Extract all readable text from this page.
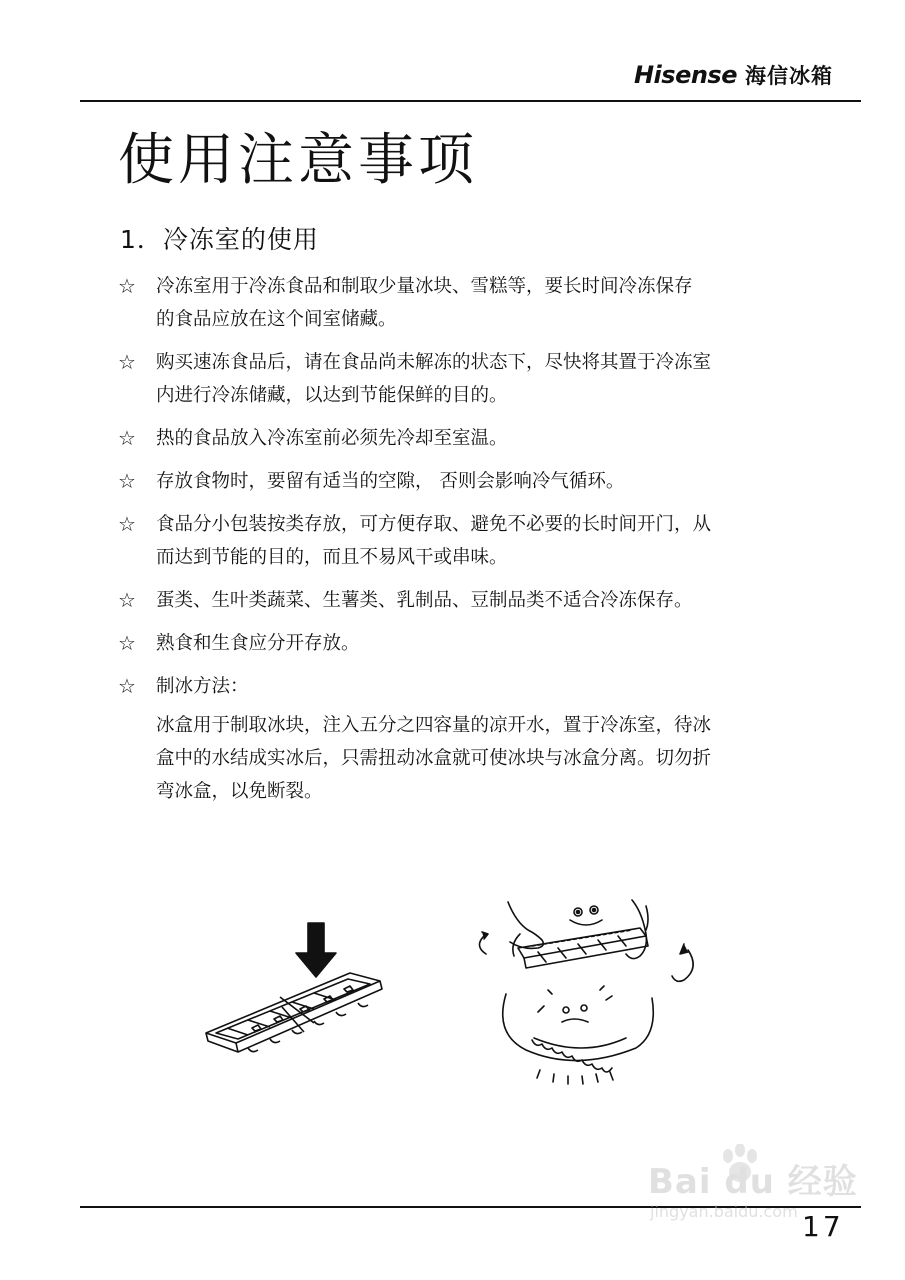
Hisense 海信冰箱
使用注意事项
1．冷冻室的使用
☆	冷冻室用于冷冻食品和制取少量冰块、雪糕等，要长时间冷冻保存
的食品应放在这个间室储藏。
☆	购买速冻食品后，请在食品尚未解冻的状态下，尽快将其置于冷冻室
内进行冷冻储藏，以达到节能保鲜的目的。
☆	热的食品放入冷冻室前必须先冷却至室温。
☆	存放食物时，要留有适当的空隙， 否则会影响冷气循环。
☆	食品分小包装按类存放，可方便存取、避免不必要的长时间开门，从
而达到节能的目的，而且不易风干或串味。
☆	蛋类、生叶类蔬菜、生薯类、乳制品、豆制品类不适合冷冻保存。
☆	熟食和生食应分开存放。
☆	制冰方法：
冰盒用于制取冰块，注入五分之四容量的凉开水，置于冷冻室，待冰
盒中的水结成实冰后，只需扭动冰盒就可使冰块与冰盒分离。切勿折
弯冰盒，以免断裂。
17
Bai du 经验
jingyan.baidu.com
